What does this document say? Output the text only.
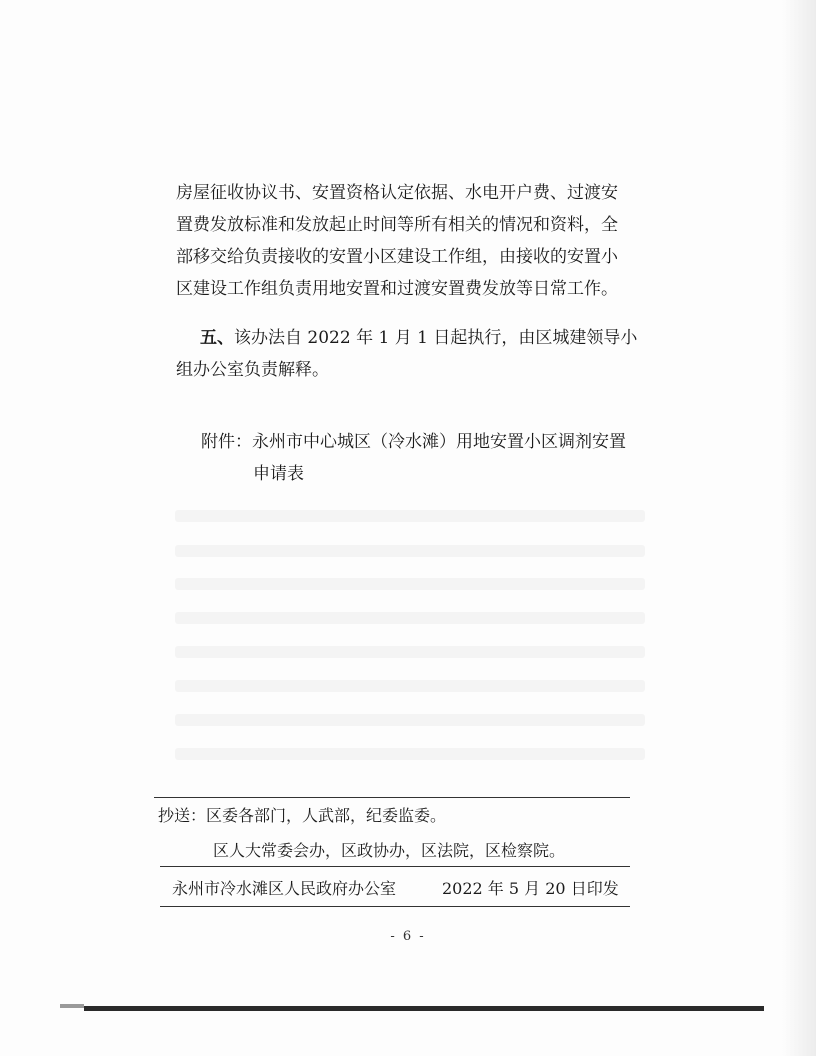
房屋征收协议书、安置资格认定依据、水电开户费、过渡安
置费发放标准和发放起止时间等所有相关的情况和资料，全
部移交给负责接收的安置小区建设工作组，由接收的安置小
区建设工作组负责用地安置和过渡安置费发放等日常工作。
五、该办法自 2022 年 1 月 1 日起执行，由区城建领导小
组办公室负责解释。
附件：永州市中心城区（冷水滩）用地安置小区调剂安置
申请表
抄送：区委各部门，人武部，纪委监委。
区人大常委会办，区政协办，区法院，区检察院。
永州市冷水滩区人民政府办公室	2022 年 5 月 20 日印发
- 6 -
